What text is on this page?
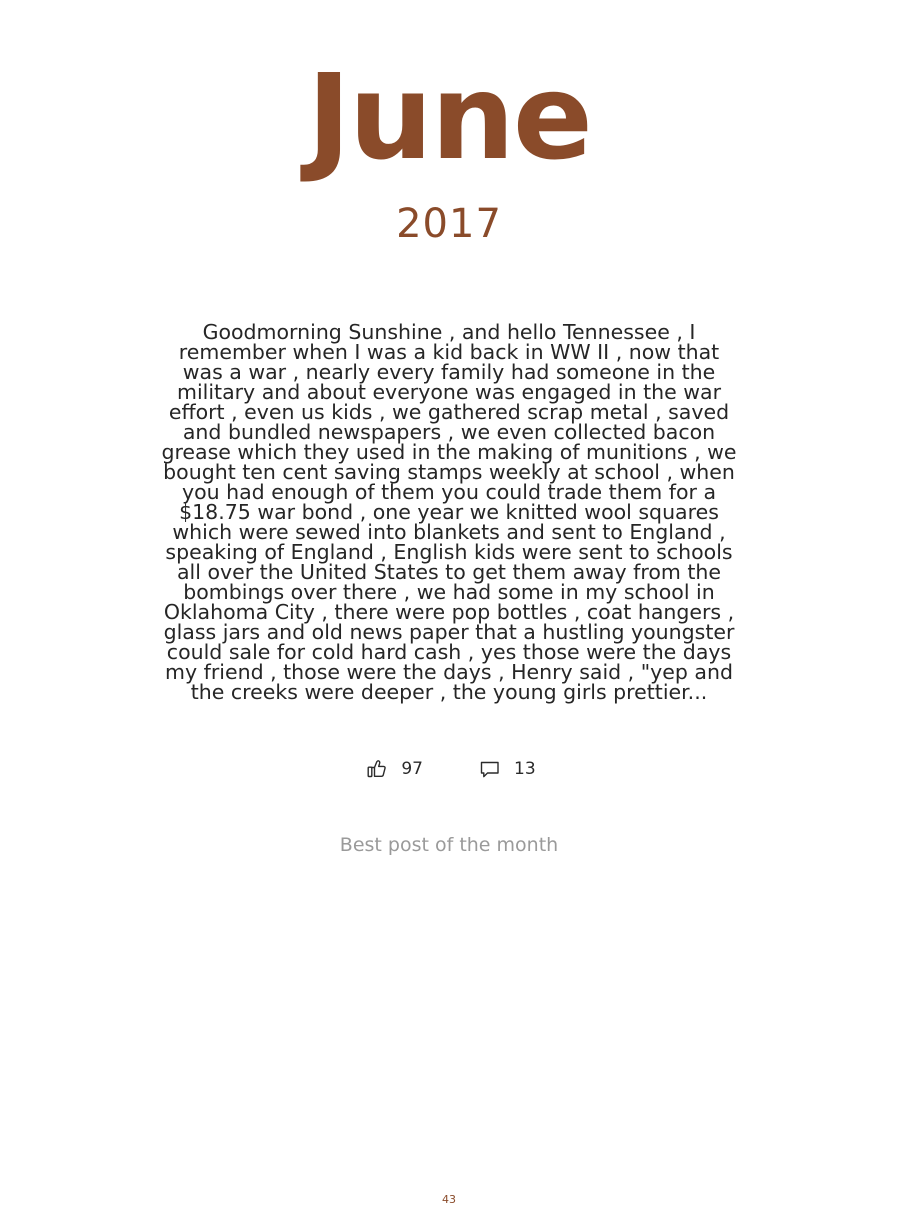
June
2017
Goodmorning Sunshine , and hello Tennessee , I remember when I was a kid back in WW II , now that was a war , nearly every family had someone in the military and about everyone was engaged in the war effort , even us kids , we gathered scrap metal , saved and bundled newspapers , we even collected bacon grease which they used in the making of munitions , we bought ten cent saving stamps weekly at school , when you had enough of them you could trade them for a $18.75 war bond , one year we knitted wool squares which were sewed into blankets and sent to England , speaking of England , English kids were sent to schools all over the United States to get them away from the bombings over there , we had some in my school in Oklahoma City , there were pop bottles , coat hangers , glass jars and old news paper that a hustling youngster could sale for cold hard cash , yes those were the days my friend , those were the days , Henry said , "yep and the creeks were deeper , the young girls prettier...
97	13
Best post of the month
43
